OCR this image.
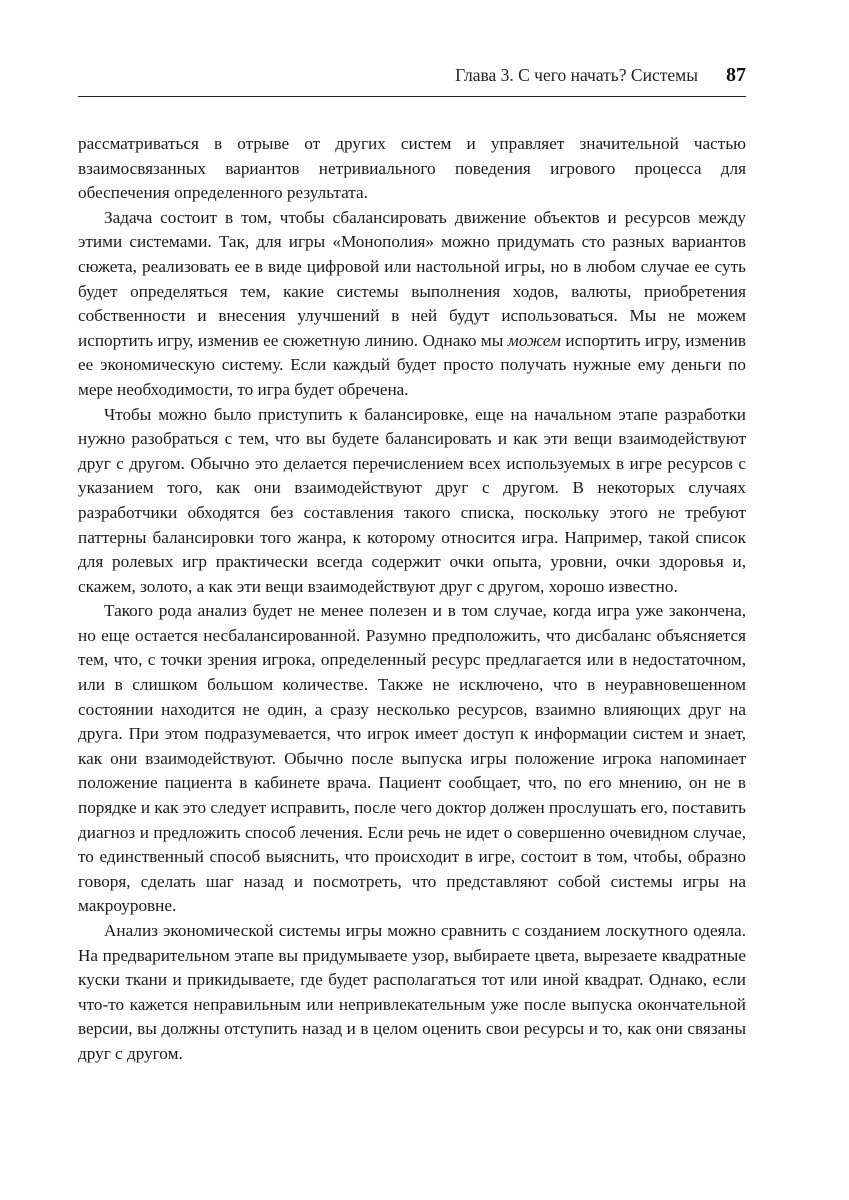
Глава 3. С чего начать? Системы 87

рассматриваться в отрыве от других систем и управляет значительной частью взаимосвязанных вариантов нетривиального поведения игрового процесса для обеспечения определенного результата.

Задача состоит в том, чтобы сбалансировать движение объектов и ресурсов между этими системами. Так, для игры «Монополия» можно придумать сто разных вариантов сюжета, реализовать ее в виде цифровой или настольной игры, но в любом случае ее суть будет определяться тем, какие системы выполнения ходов, валюты, приобретения собственности и внесения улучшений в ней будут использоваться. Мы не можем испортить игру, изменив ее сюжетную линию. Однако мы можем испортить игру, изменив ее экономическую систему. Если каждый будет просто получать нужные ему деньги по мере необходимости, то игра будет обречена.

Чтобы можно было приступить к балансировке, еще на начальном этапе разработки нужно разобраться с тем, что вы будете балансировать и как эти вещи взаимодействуют друг с другом. Обычно это делается перечислением всех используемых в игре ресурсов с указанием того, как они взаимодействуют друг с другом. В некоторых случаях разработчики обходятся без составления такого списка, поскольку этого не требуют паттерны балансировки того жанра, к которому относится игра. Например, такой список для ролевых игр практически всегда содержит очки опыта, уровни, очки здоровья и, скажем, золото, а как эти вещи взаимодействуют друг с другом, хорошо известно.

Такого рода анализ будет не менее полезен и в том случае, когда игра уже закончена, но еще остается несбалансированной. Разумно предположить, что дисбаланс объясняется тем, что, с точки зрения игрока, определенный ресурс предлагается или в недостаточном, или в слишком большом количестве. Также не исключено, что в неуравновешенном состоянии находится не один, а сразу несколько ресурсов, взаимно влияющих друг на друга. При этом подразумевается, что игрок имеет доступ к информации систем и знает, как они взаимодействуют. Обычно после выпуска игры положение игрока напоминает положение пациента в кабинете врача. Пациент сообщает, что, по его мнению, он не в порядке и как это следует исправить, после чего доктор должен прослушать его, поставить диагноз и предложить способ лечения. Если речь не идет о совершенно очевидном случае, то единственный способ выяснить, что происходит в игре, состоит в том, чтобы, образно говоря, сделать шаг назад и посмотреть, что представляют собой системы игры на макроуровне.

Анализ экономической системы игры можно сравнить с созданием лоскутного одеяла. На предварительном этапе вы придумываете узор, выбираете цвета, вырезаете квадратные куски ткани и прикидываете, где будет располагаться тот или иной квадрат. Однако, если что-то кажется неправильным или непривлекательным уже после выпуска окончательной версии, вы должны отступить назад и в целом оценить свои ресурсы и то, как они связаны друг с другом.
